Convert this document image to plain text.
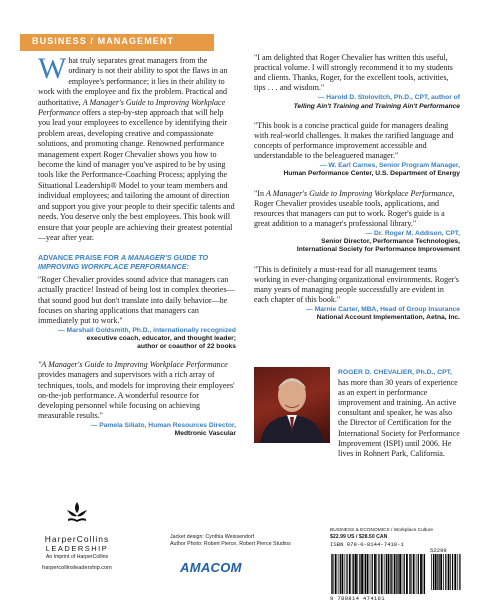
BUSINESS / MANAGEMENT

What truly separates great managers from the ordinary is not their ability to spot the flaws in an employee's performance; it lies in their ability to work with the employee and fix the problem. Practical and authoritative, A Manager's Guide to Improving Workplace Performance offers a step-by-step approach that will help you lead your employees to excellence by identifying their problem areas, developing creative and compassionate solutions, and promoting change. Renowned performance management expert Roger Chevalier shows you how to become the kind of manager you've aspired to be by using tools like the Performance-Coaching Process; applying the Situational Leadership® Model to your team members and individual employees; and tailoring the amount of direction and support you give your people to their specific talents and needs. You deserve only the best employees. This book will ensure that your people are achieving their greatest potential—year after year.

ADVANCE PRAISE FOR A MANAGER'S GUIDE TO IMPROVING WORKPLACE PERFORMANCE:

"Roger Chevalier provides sound advice that managers can actually practice! Instead of being lost in complex theories—that sound good but don't translate into daily behavior—he focuses on sharing applications that managers can immediately put to work."

— Marshall Goldsmith, Ph.D., internationally recognized
executive coach, educator, and thought leader; author or coauthor of 22 books

"A Manager's Guide to Improving Workplace Performance provides managers and supervisors with a rich array of techniques, tools, and models for improving their employees' on-the-job performance. A wonderful resource for developing personnel while focusing on achieving measurable results."

— Pamela Siliato, Human Resources Director,
Medtronic Vascular

"I am delighted that Roger Chevalier has written this useful, practical volume. I will strongly recommend it to my students and clients. Thanks, Roger, for the excellent tools, activities, tips . . . and wisdom."

— Harold D. Stolovitch, Ph.D., CPT, author of
Telling Ain't Training and Training Ain't Performance

"This book is a concise practical guide for managers dealing with real-world challenges. It makes the rarified language and concepts of performance improvement accessible and understandable to the beleaguered manager."

— W. Earl Carnes, Senior Program Manager,
Human Performance Center, U.S. Department of Energy

"In A Manager's Guide to Improving Workplace Performance, Roger Chevalier provides useable tools, applications, and resources that managers can put to work. Roger's guide is a great addition to a manager's professional library."

— Dr. Roger M. Addison, CPT,
Senior Director, Performance Technologies, International Society for Performance Improvement

"This is definitely a must-read for all management teams working in ever-changing organizational environments. Roger's many years of managing people successfully are evident in each chapter of this book."

— Marnie Carter, MBA, Head of Group Insurance
National Account Implementation, Aetna, Inc.

ROGER D. CHEVALIER, Ph.D., CPT, has more than 30 years of experience as an expert in performance improvement and training. An active consultant and speaker, he was also the Director of Certification for the International Society for Performance Improvement (ISPI) until 2006. He lives in Rohnert Park, California.

HarperCollins
LEADERSHIP
An Imprint of HarperCollins
harpercollinsleadership.com
Jacket design: Cynthia Weissendorf
Author Photo: Robert Pierce, Robert Pierce Studios
AMACOM
BUSINESS & ECONOMICS / Workplace Culture
$22.99 US / $28.50 CAN
ISBN 978-0-8144-7418-1
52299
9 780814 474181
